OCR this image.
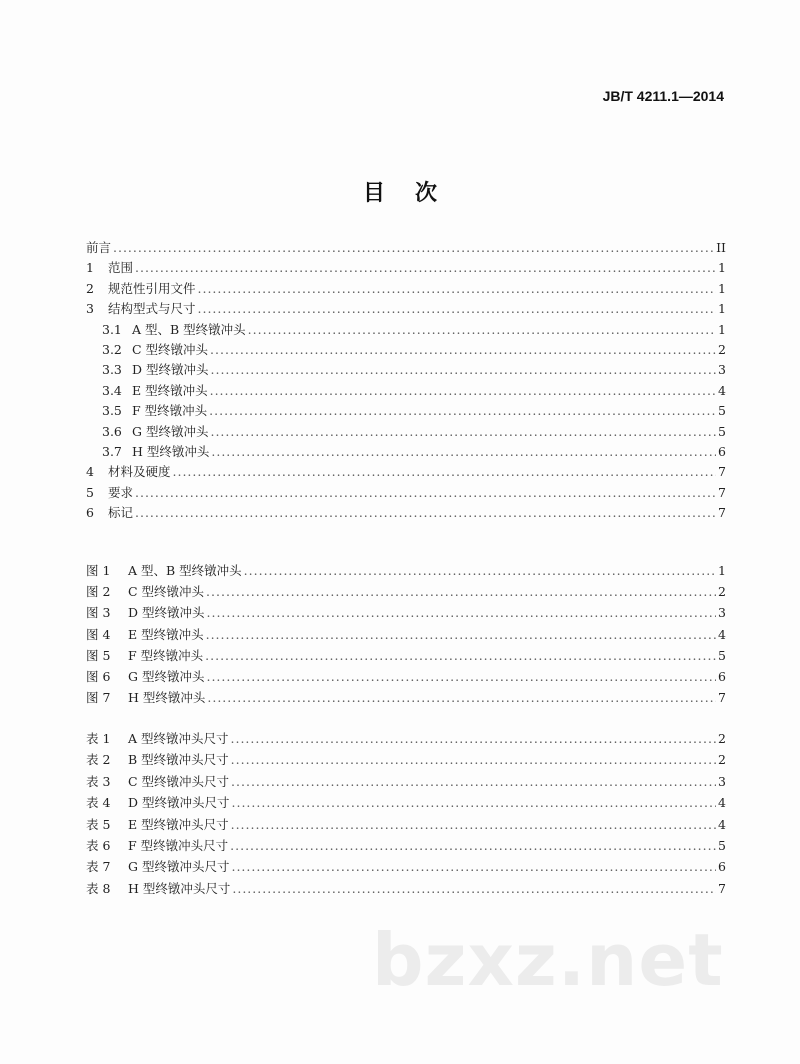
JB/T 4211.1—2014
目次
前言 .....	II
1	范围 .....	1
2	规范性引用文件 .....	1
3	结构型式与尺寸 .....	1
3.1 A 型、B 型终镦冲头 .....	1
3.2 C 型终镦冲头 .....	2
3.3 D 型终镦冲头 .....	3
3.4 E 型终镦冲头 .....	4
3.5 F 型终镦冲头 .....	5
3.6 G 型终镦冲头 .....	5
3.7 H 型终镦冲头 .....	6
4	材料及硬度 .....	7
5	要求 .....	7
6	标记 .....	7
图 1	A 型、B 型终镦冲头 .....	1
图 2	C 型终镦冲头 .....	2
图 3	D 型终镦冲头 .....	3
图 4	E 型终镦冲头 .....	4
图 5	F 型终镦冲头 .....	5
图 6	G 型终镦冲头 .....	6
图 7	H 型终镦冲头 .....	7
表 1	A 型终镦冲头尺寸 .....	2
表 2	B 型终镦冲头尺寸 .....	2
表 3	C 型终镦冲头尺寸 .....	3
表 4	D 型终镦冲头尺寸 .....	4
表 5	E 型终镦冲头尺寸 .....	4
表 6	F 型终镦冲头尺寸 .....	5
表 7	G 型终镦冲头尺寸 .....	6
表 8	H 型终镦冲头尺寸 .....	7
bzxz.net
